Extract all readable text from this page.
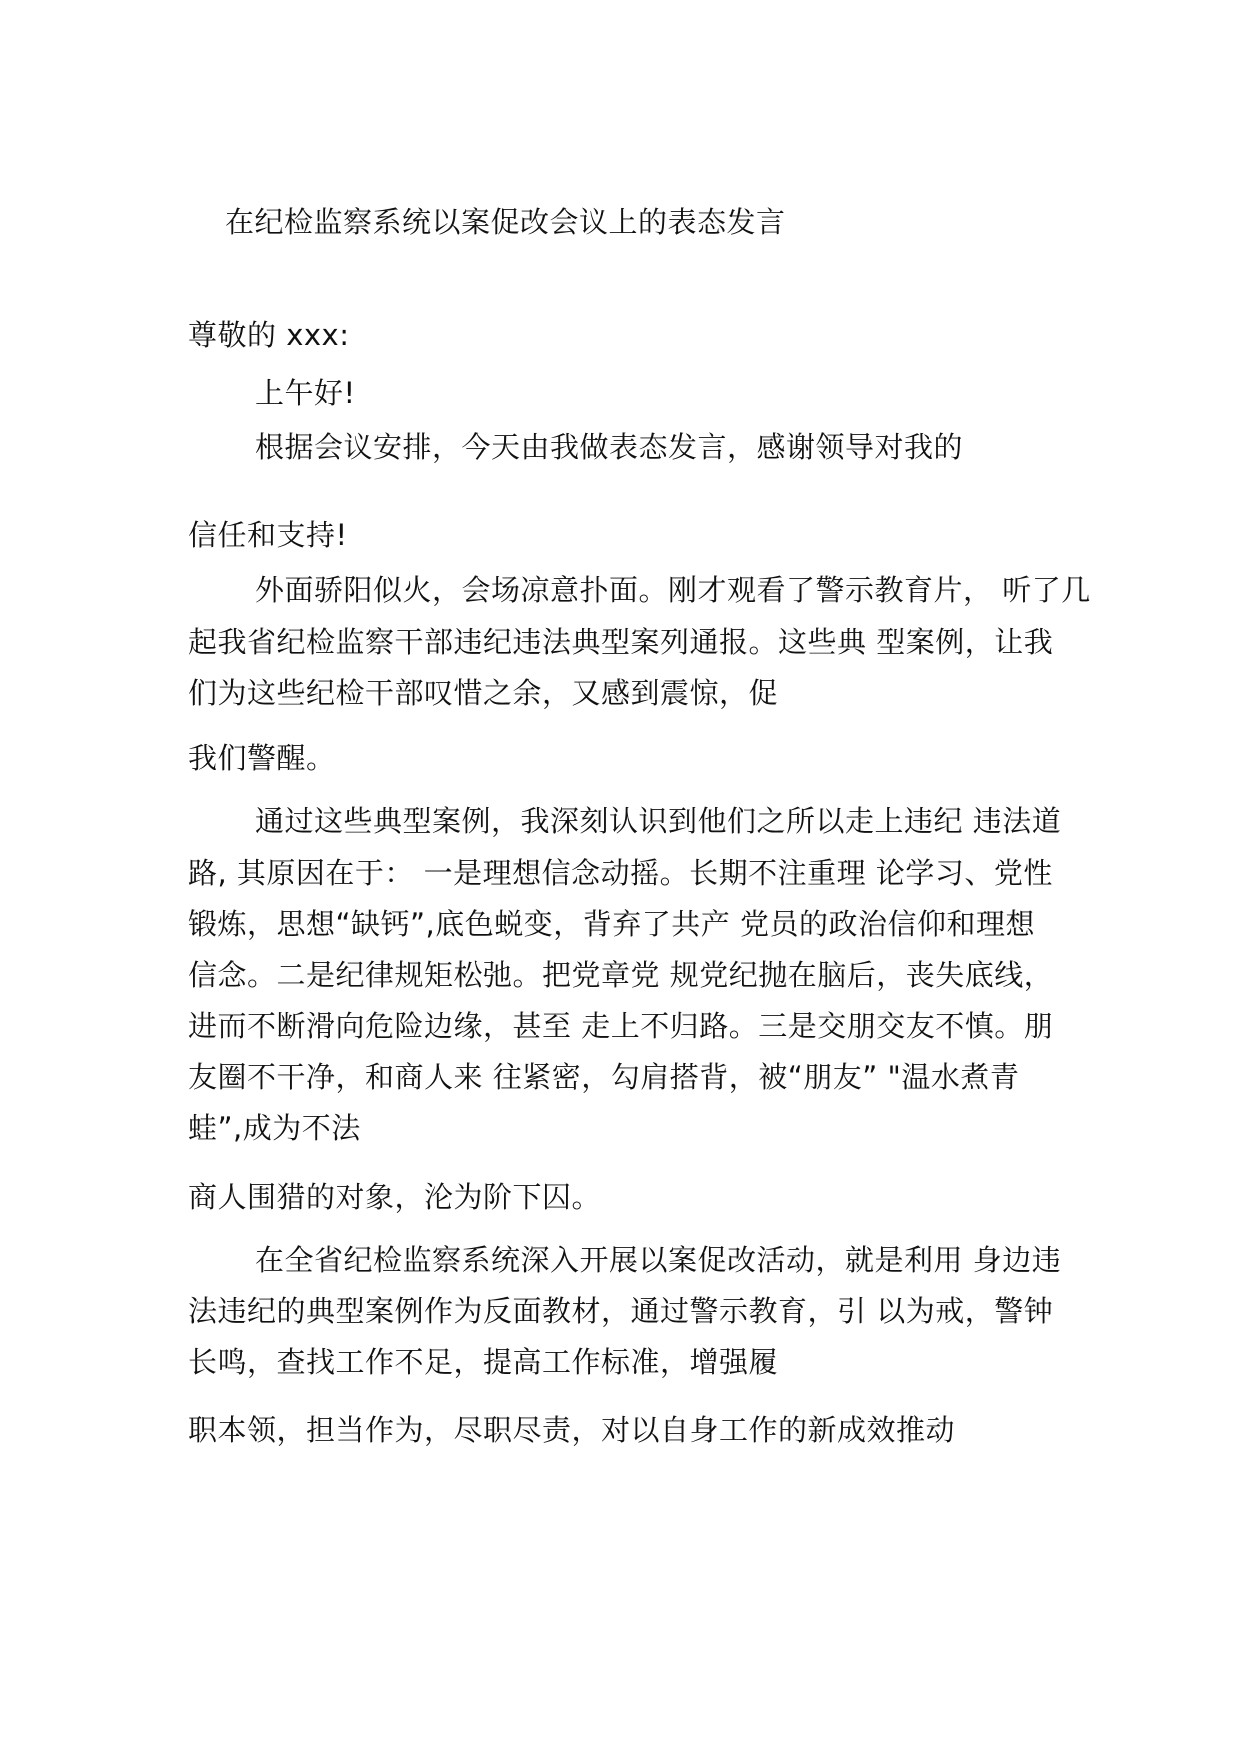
在纪检监察系统以案促改会议上的表态发言
尊敬的 xxx:
上午好!
根据会议安排，今天由我做表态发言，感谢领导对我的
信任和支持!
外面骄阳似火，会场凉意扑面。刚才观看了警示教育片， 听了几
起我省纪检监察干部违纪违法典型案列通报。这些典 型案例，让我
们为这些纪检干部叹惜之余，又感到震惊，促
我们警醒。
通过这些典型案例，我深刻认识到他们之所以走上违纪 违法道
路, 其原因在于： 一是理想信念动摇。长期不注重理 论学习、党性
锻炼，思想“缺钙”,底色蜕变，背弃了共产 党员的政治信仰和理想
信念。二是纪律规矩松弛。把党章党 规党纪抛在脑后，丧失底线，
进而不断滑向危险边缘，甚至 走上不归路。三是交朋交友不慎。朋
友圈不干净，和商人来 往紧密，勾肩搭背，被“朋友” "温水煮青
蛙”,成为不法
商人围猎的对象，沦为阶下囚。
在全省纪检监察系统深入开展以案促改活动，就是利用 身边违
法违纪的典型案例作为反面教材，通过警示教育，引 以为戒，警钟
长鸣，查找工作不足，提高工作标准，增强履
职本领，担当作为，尽职尽责，对以自身工作的新成效推动
